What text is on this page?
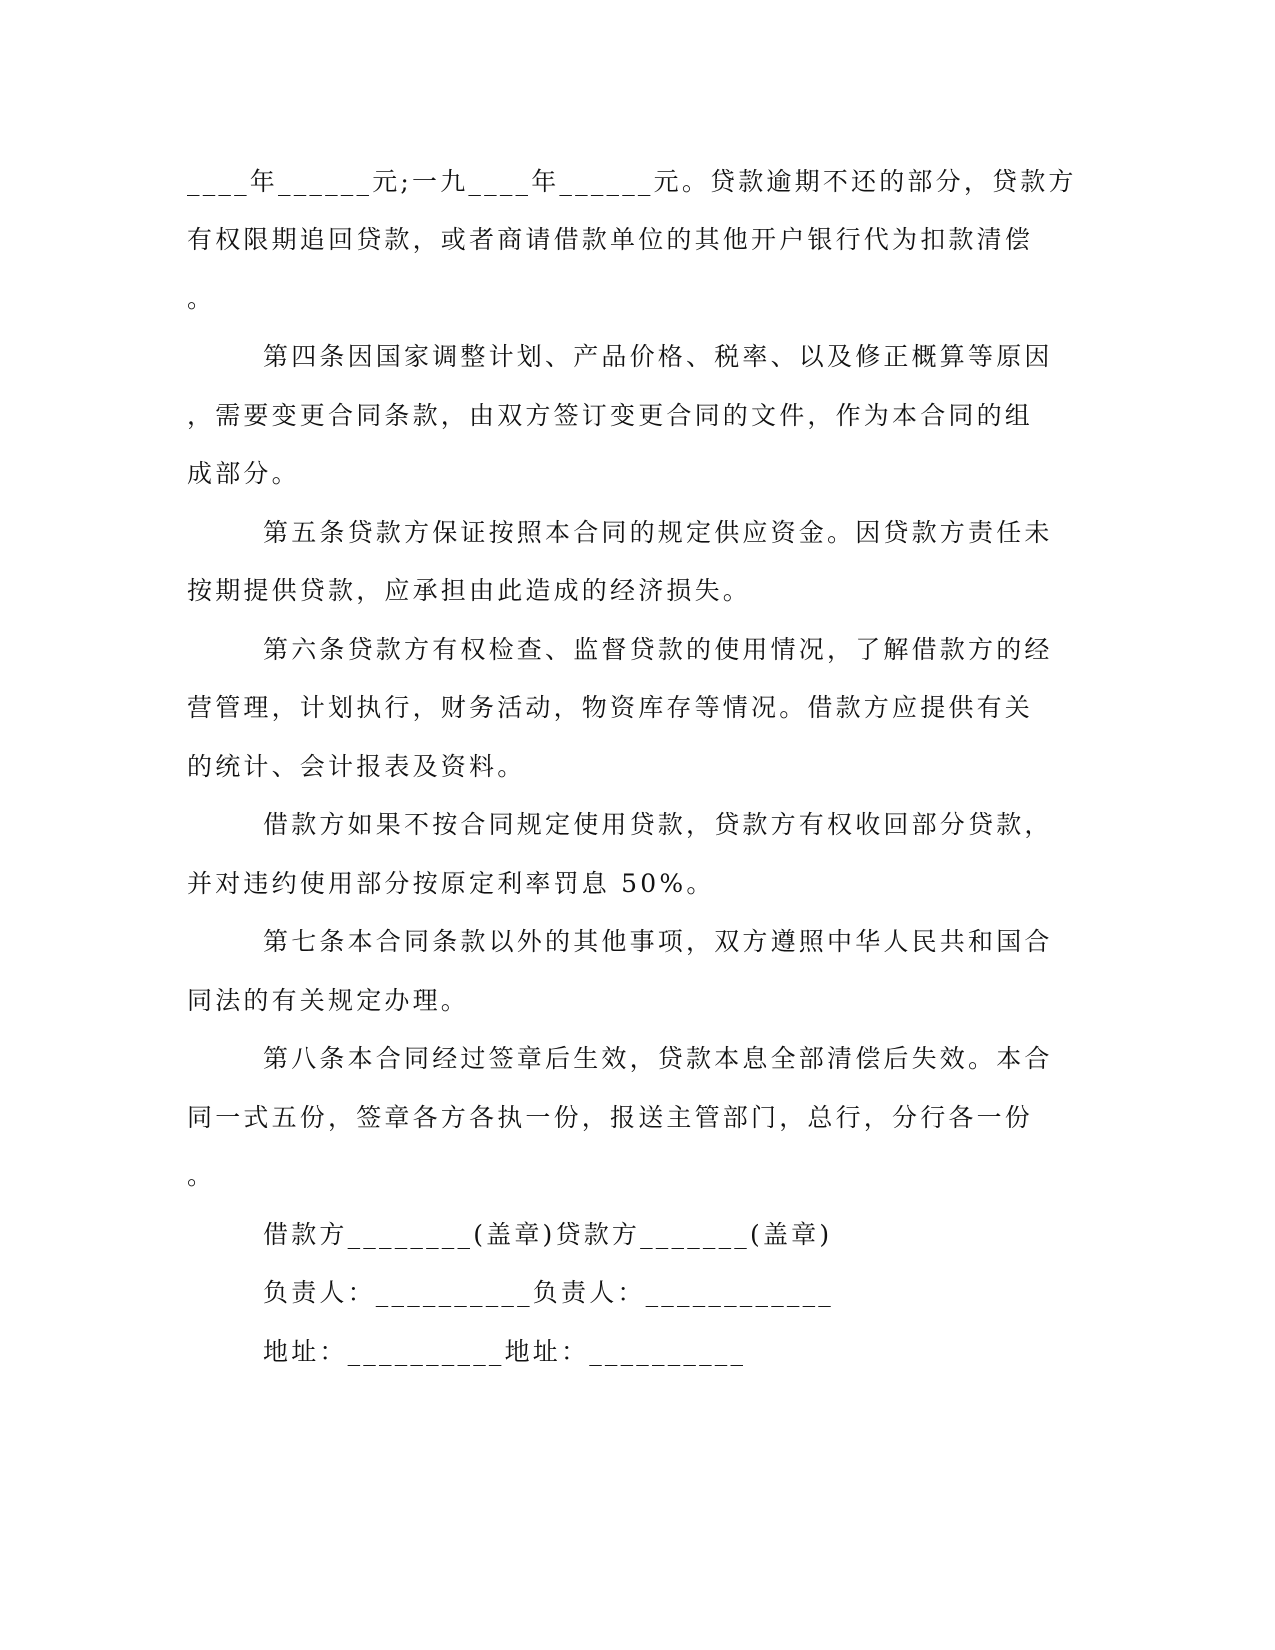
____年______元;一九____年______元。贷款逾期不还的部分，贷款方
有权限期追回贷款，或者商请借款单位的其他开户银行代为扣款清偿
。
第四条因国家调整计划、产品价格、税率、以及修正概算等原因
，需要变更合同条款，由双方签订变更合同的文件，作为本合同的组
成部分。
第五条贷款方保证按照本合同的规定供应资金。因贷款方责任未
按期提供贷款，应承担由此造成的经济损失。
第六条贷款方有权检查、监督贷款的使用情况，了解借款方的经
营管理，计划执行，财务活动，物资库存等情况。借款方应提供有关
的统计、会计报表及资料。
借款方如果不按合同规定使用贷款，贷款方有权收回部分贷款，
并对违约使用部分按原定利率罚息 50%。
第七条本合同条款以外的其他事项，双方遵照中华人民共和国合
同法的有关规定办理。
第八条本合同经过签章后生效，贷款本息全部清偿后失效。本合
同一式五份，签章各方各执一份，报送主管部门，总行，分行各一份
。
借款方________(盖章)贷款方_______(盖章)
负责人：__________负责人：____________
地址：__________地址：__________
